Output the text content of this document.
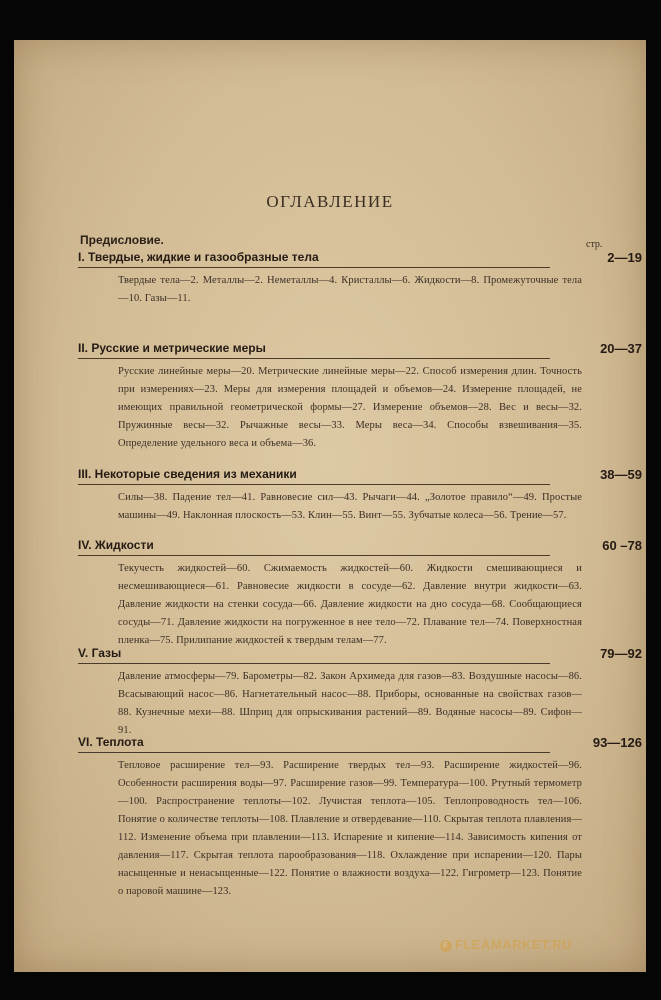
ОГЛАВЛЕНИЕ
Предисловие.	стр.
I. Твердые, жидкие и газообразные тела	2—19
Твердые тела—2. Металлы—2. Неметаллы—4. Кристаллы—6. Жидкости—8. Промежуточные тела—10. Газы—11.
II. Русские и метрические меры	20—37
Русские линейные меры—20. Метрические линейные меры—22. Способ измерения длин. Точность при измерениях—23. Меры для измерения площадей и объемов—24. Измерение площадей, не имеющих правильной геометрической формы—27. Измерение объемов—28. Вес и весы—32. Пружинные весы—32. Рычажные весы—33. Меры веса—34. Способы взвешивания—35. Определение удельного веса и объема—36.
III. Некоторые сведения из механики	38—59
Силы—38. Падение тел—41. Равновесие сил—43. Рычаги—44. „Золотое правило“—49. Простые машины—49. Наклонная плоскость—53. Клин—55. Винт—55. Зубчатые колеса—56. Трение—57.
IV. Жидкости	60 –78
Текучесть жидкостей—60. Сжимаемость жидкостей—60. Жидкости смешивающиеся и несмешивающиеся—61. Равновесие жидкости в сосуде—62. Давление внутри жидкости—63. Давление жидкости на стенки сосуда—66. Давление жидкости на дно сосуда—68. Сообщающиеся сосуды—71. Давление жидкости на погруженное в нее тело—72. Плавание тел—74. Поверхностная пленка—75. Прилипание жидкостей к твердым телам—77.
V. Газы	79—92
Давление атмосферы—79. Барометры—82. Закон Архимеда для газов—83. Воздушные насосы—86. Всасывающий насос—86. Нагнетательный насос—88. Приборы, основанные на свойствах газов—88. Кузнечные мехи—88. Шприц для опрыскивания растений—89. Водяные насосы—89. Сифон—91.
VI. Теплота	93—126
Тепловое расширение тел—93. Расширение твердых тел—93. Расширение жидкостей—96. Особенности расширения воды—97. Расширение газов—99. Температура—100. Ртутный термометр—100. Распространение теплоты—102. Лучистая теплота—105. Теплопроводность тел—106. Понятие о количестве теплоты—108. Плавление и отвердевание—110. Скрытая теплота плавления—112. Изменение объема при плавлении—113. Испарение и кипение—114. Зависимость кипения от давления—117. Скрытая теплота парообразования—118. Охлаждение при испарении—120. Пары насыщенные и ненасыщенные—122. Понятие о влажности воздуха—122. Гигрометр—123. Понятие о паровой машине—123.
F FLEAMARKET.RU
